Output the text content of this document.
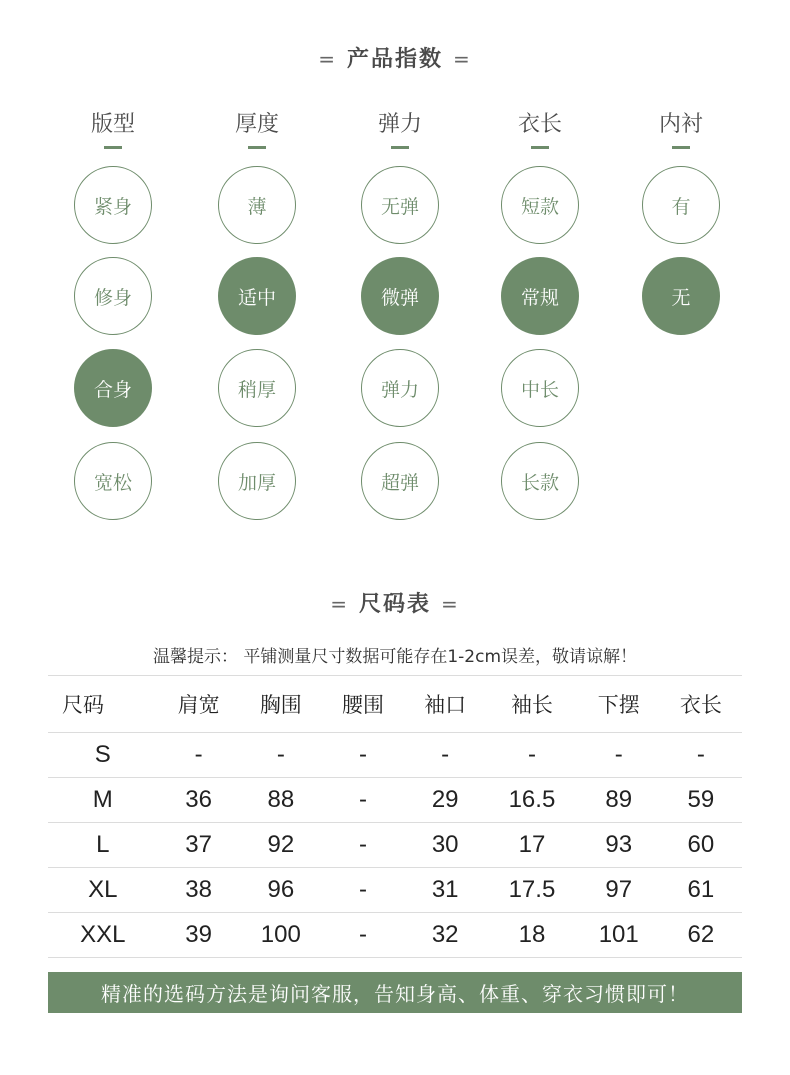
= 产品指数 =
版型
紧身
修身
合身
宽松
厚度
薄
适中
稍厚
加厚
弹力
无弹
微弹
弹力
超弹
衣长
短款
常规
中长
长款
内衬
有
无
= 尺码表 =
温馨提示： 平铺测量尺寸数据可能存在1-2cm误差，敬请谅解！
尺码	肩宽	胸围	腰围	袖口	袖长	下摆	衣长
S	-	-	-	-	-	-	-
M	36	88	-	29	16.5	89	59
L	37	92	-	30	17	93	60
XL	38	96	-	31	17.5	97	61
XXL	39	100	-	32	18	101	62
精准的选码方法是询问客服，告知身高、体重、穿衣习惯即可！
